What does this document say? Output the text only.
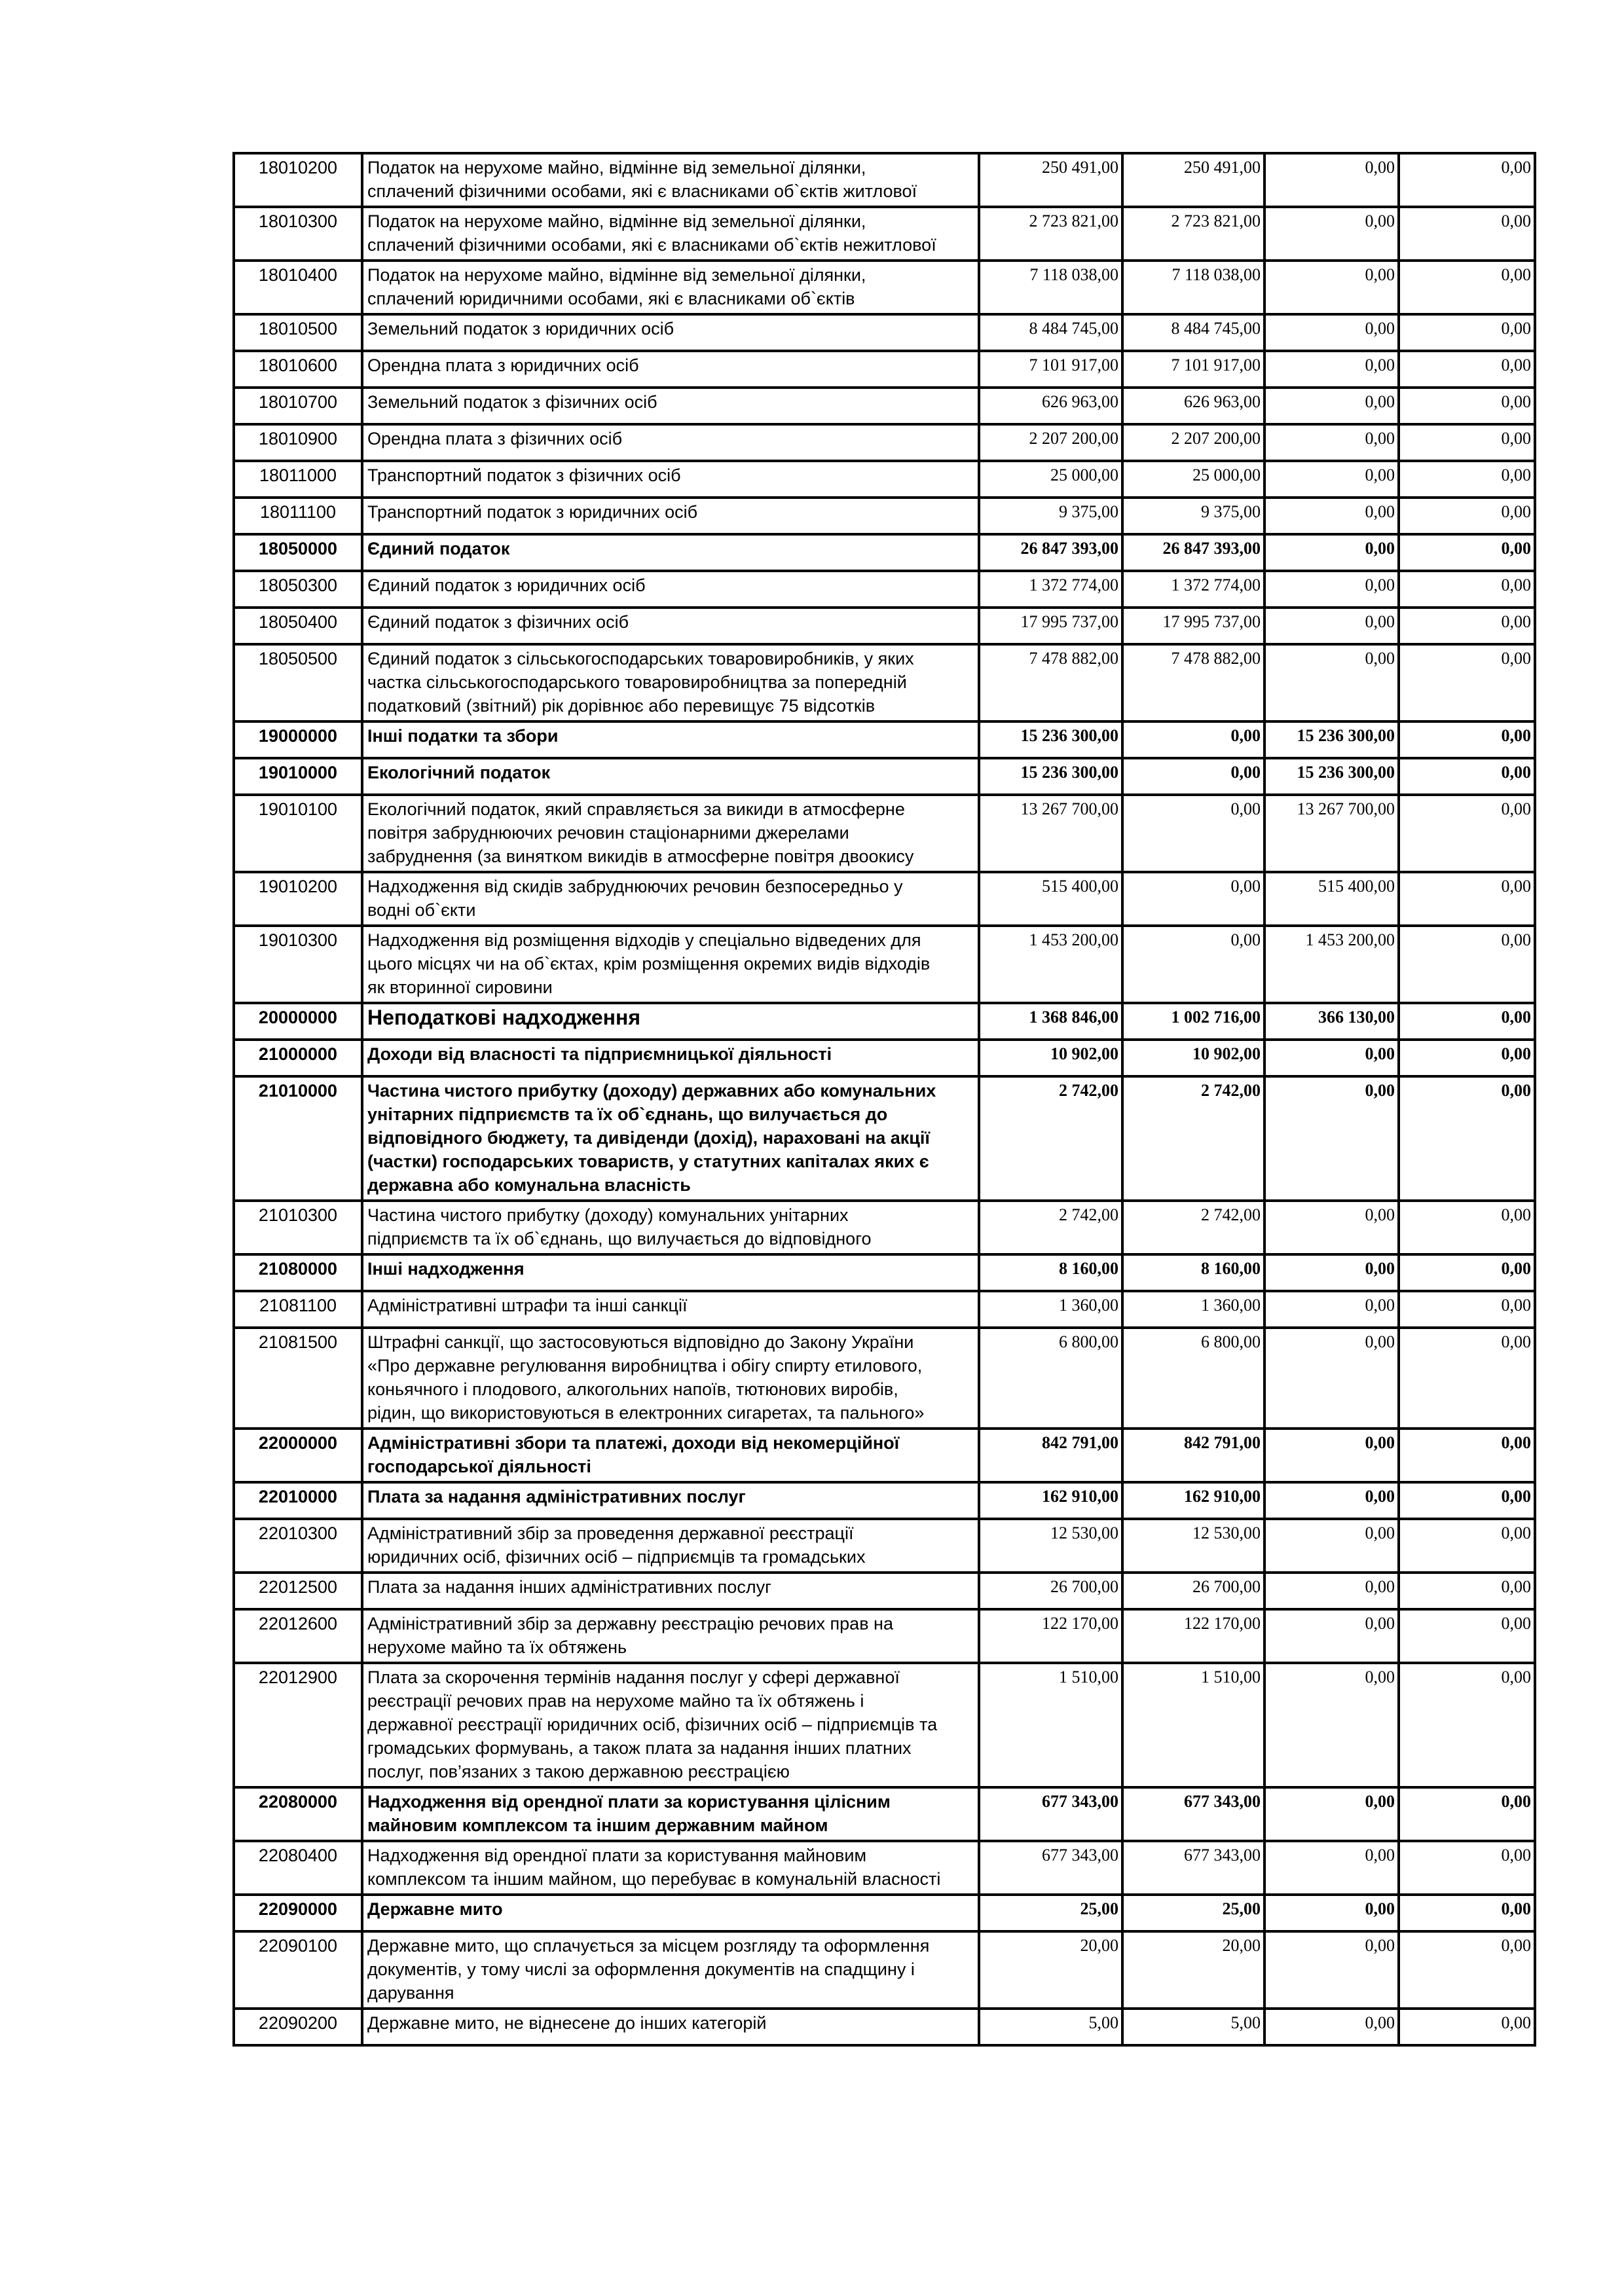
18010200	Податок на нерухоме майно, відмінне від земельної ділянки,
сплачений фізичними особами, які є власниками об`єктів житлової	250 491,00	250 491,00	0,00	0,00
18010300	Податок на нерухоме майно, відмінне від земельної ділянки,
сплачений фізичними особами, які є власниками об`єктів нежитлової	2 723 821,00	2 723 821,00	0,00	0,00
18010400	Податок на нерухоме майно, відмінне від земельної ділянки,
сплачений юридичними особами, які є власниками об`єктів	7 118 038,00	7 118 038,00	0,00	0,00
18010500	Земельний податок з юридичних осіб	8 484 745,00	8 484 745,00	0,00	0,00
18010600	Орендна плата з юридичних осіб	7 101 917,00	7 101 917,00	0,00	0,00
18010700	Земельний податок з фізичних осіб	626 963,00	626 963,00	0,00	0,00
18010900	Орендна плата з фізичних осіб	2 207 200,00	2 207 200,00	0,00	0,00
18011000	Транспортний податок з фізичних осіб	25 000,00	25 000,00	0,00	0,00
18011100	Транспортний податок з юридичних осіб	9 375,00	9 375,00	0,00	0,00
18050000	Єдиний податок	26 847 393,00	26 847 393,00	0,00	0,00
18050300	Єдиний податок з юридичних осіб	1 372 774,00	1 372 774,00	0,00	0,00
18050400	Єдиний податок з фізичних осіб	17 995 737,00	17 995 737,00	0,00	0,00
18050500	Єдиний податок з сільськогосподарських товаровиробників, у яких
частка сільськогосподарського товаровиробництва за попередній
податковий (звітний) рік дорівнює або перевищує 75 відсотків	7 478 882,00	7 478 882,00	0,00	0,00
19000000	Інші податки та збори	15 236 300,00	0,00	15 236 300,00	0,00
19010000	Екологічний податок	15 236 300,00	0,00	15 236 300,00	0,00
19010100	Екологічний податок, який справляється за викиди в атмосферне
повітря забруднюючих речовин стаціонарними джерелами
забруднення (за винятком викидів в атмосферне повітря двоокису	13 267 700,00	0,00	13 267 700,00	0,00
19010200	Надходження від скидів забруднюючих речовин безпосередньо у
водні об`єкти	515 400,00	0,00	515 400,00	0,00
19010300	Надходження від розміщення відходів у спеціально відведених для
цього місцях чи на об`єктах, крім розміщення окремих видів відходів
як вторинної сировини	1 453 200,00	0,00	1 453 200,00	0,00
20000000	Неподаткові надходження	1 368 846,00	1 002 716,00	366 130,00	0,00
21000000	Доходи від власності та підприємницької діяльності	10 902,00	10 902,00	0,00	0,00
21010000	Частина чистого прибутку (доходу) державних або комунальних
унітарних підприємств та їх об`єднань, що вилучається до
відповідного бюджету, та дивіденди (дохід), нараховані на акції
(частки) господарських товариств, у статутних капіталах яких є
державна або комунальна власність	2 742,00	2 742,00	0,00	0,00
21010300	Частина чистого прибутку (доходу) комунальних унітарних
підприємств та їх об`єднань, що вилучається до відповідного	2 742,00	2 742,00	0,00	0,00
21080000	Інші надходження	8 160,00	8 160,00	0,00	0,00
21081100	Адміністративні штрафи та інші санкції	1 360,00	1 360,00	0,00	0,00
21081500	Штрафні санкції, що застосовуються відповідно до Закону України
«Про державне регулювання виробництва і обігу спирту етилового,
коньячного і плодового, алкогольних напоїв, тютюнових виробів,
рідин, що використовуються в електронних сигаретах, та пального»	6 800,00	6 800,00	0,00	0,00
22000000	Адміністративні збори та платежі, доходи від некомерційної
господарської діяльності	842 791,00	842 791,00	0,00	0,00
22010000	Плата за надання адміністративних послуг	162 910,00	162 910,00	0,00	0,00
22010300	Адміністративний збір за проведення державної реєстрації
юридичних осіб, фізичних осіб – підприємців та громадських	12 530,00	12 530,00	0,00	0,00
22012500	Плата за надання інших адміністративних послуг	26 700,00	26 700,00	0,00	0,00
22012600	Адміністративний збір за державну реєстрацію речових прав на
нерухоме майно та їх обтяжень	122 170,00	122 170,00	0,00	0,00
22012900	Плата за скорочення термінів надання послуг у сфері державної
реєстрації речових прав на нерухоме майно та їх обтяжень і
державної реєстрації юридичних осіб, фізичних осіб – підприємців та
громадських формувань, а також плата за надання інших платних
послуг, пов’язаних з такою державною реєстрацією	1 510,00	1 510,00	0,00	0,00
22080000	Надходження від орендної плати за користування цілісним
майновим комплексом та іншим державним майном	677 343,00	677 343,00	0,00	0,00
22080400	Надходження від орендної плати за користування майновим
комплексом та іншим майном, що перебуває в комунальній власності	677 343,00	677 343,00	0,00	0,00
22090000	Державне мито	25,00	25,00	0,00	0,00
22090100	Державне мито, що сплачується за місцем розгляду та оформлення
документів, у тому числі за оформлення документів на спадщину і
дарування	20,00	20,00	0,00	0,00
22090200	Державне мито, не віднесене до інших категорій	5,00	5,00	0,00	0,00
